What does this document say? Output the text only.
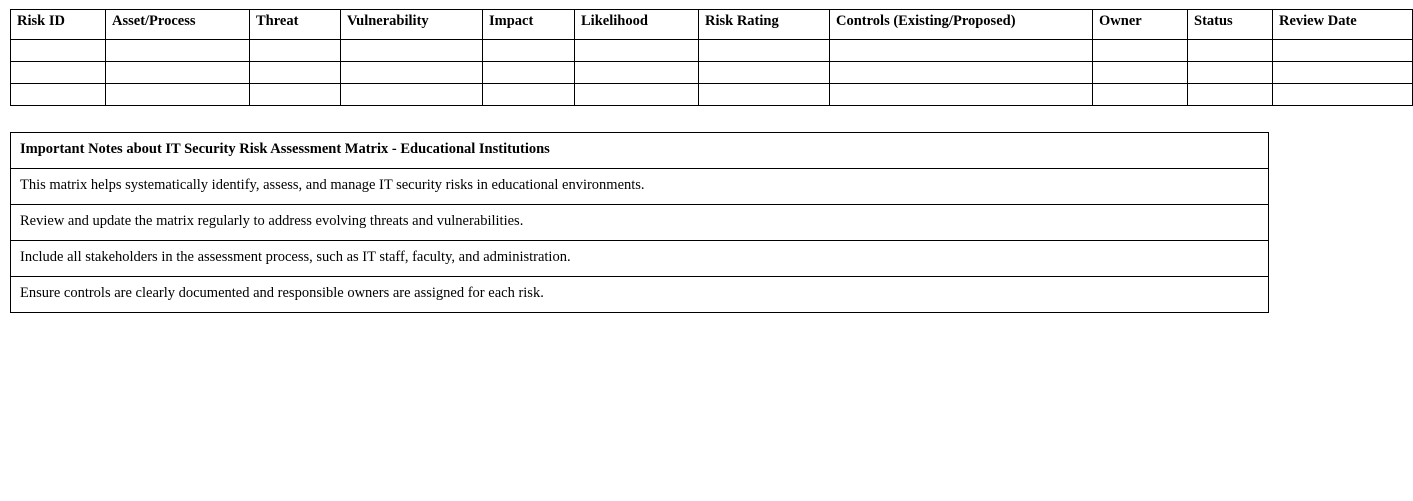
Risk ID	Asset/Process	Threat	Vulnerability	Impact	Likelihood	Risk Rating	Controls (Existing/Proposed)	Owner	Status	Review Date

Important Notes about IT Security Risk Assessment Matrix - Educational Institutions
This matrix helps systematically identify, assess, and manage IT security risks in educational environments.
Review and update the matrix regularly to address evolving threats and vulnerabilities.
Include all stakeholders in the assessment process, such as IT staff, faculty, and administration.
Ensure controls are clearly documented and responsible owners are assigned for each risk.
